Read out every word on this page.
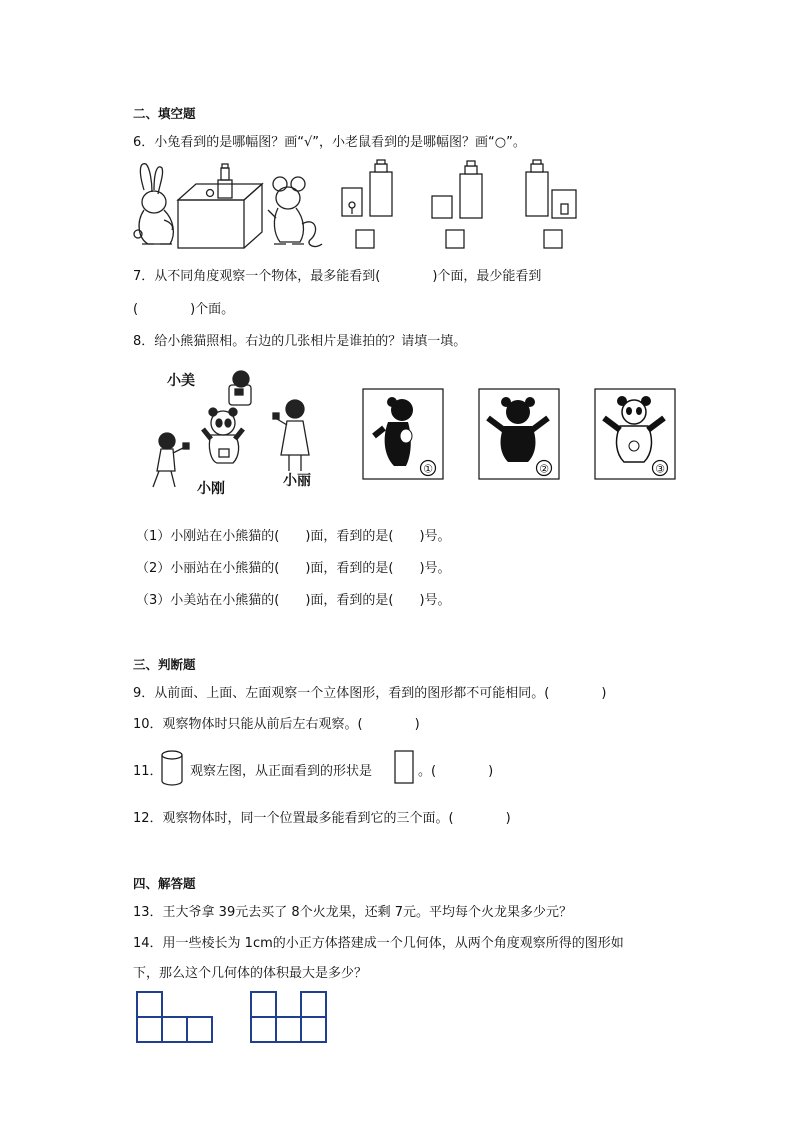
二、填空题
6．小兔看到的是哪幅图？画“√”，小老鼠看到的是哪幅图？画“○”。
7．从不同角度观察一个物体，最多能看到(　　　　)个面，最少能看到
(　　　　)个面。
8．给小熊猫照相。右边的几张相片是谁拍的？请填一填。
小美
小刚	小丽
①	②	③
（1）小刚站在小熊猫的(　　)面，看到的是(　　)号。
（2）小丽站在小熊猫的(　　)面，看到的是(　　)号。
（3）小美站在小熊猫的(　　)面，看到的是(　　)号。
三、判断题
9．从前面、上面、左面观察一个立体图形，看到的图形都不可能相同。(　　　　)
10．观察物体时只能从前后左右观察。(　　　　)
11． 观察左图，从正面看到的形状是	。(　　　　)
12．观察物体时，同一个位置最多能看到它的三个面。(　　　　)
四、解答题
13．王大爷拿 39元去买了 8个火龙果，还剩 7元。平均每个火龙果多少元？
14．用一些棱长为 1cm的小正方体搭建成一个几何体，从两个角度观察所得的图形如
下，那么这个几何体的体积最大是多少？
